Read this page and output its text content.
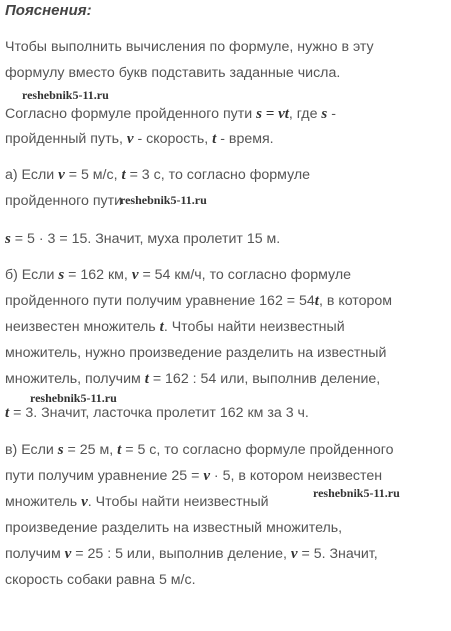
Пояснения:
Чтобы выполнить вычисления по формуле, нужно в эту
формулу вместо букв подставить заданные числа.
Согласно формуле пройденного пути s = vt, где s -
пройденный путь, v - скорость, t - время.
а) Если v = 5 м/с, t = 3 с, то согласно формуле
пройденного пути
s = 5 · 3 = 15. Значит, муха пролетит 15 м.
б) Если s = 162 км, v = 54 км/ч, то согласно формуле
пройденного пути получим уравнение 162 = 54t, в котором
неизвестен множитель t. Чтобы найти неизвестный
множитель, нужно произведение разделить на известный
множитель, получим t = 162 : 54 или, выполнив деление,
t = 3. Значит, ласточка пролетит 162 км за 3 ч.
в) Если s = 25 м, t = 5 с, то согласно формуле пройденного
пути получим уравнение 25 = v · 5, в котором неизвестен
множитель v. Чтобы найти неизвестный
произведение разделить на известный множитель,
получим v = 25 : 5 или, выполнив деление, v = 5. Значит,
скорость собаки равна 5 м/с.
reshebnik5-11.ru
reshebnik5-11.ru
reshebnik5-11.ru
reshebnik5-11.ru
